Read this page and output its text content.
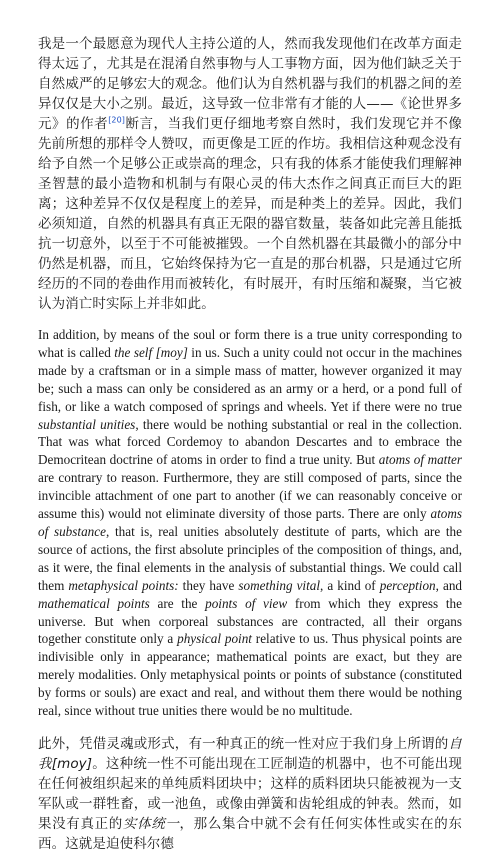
我是一个最愿意为现代人主持公道的人，然而我发现他们在改革方面走得太远了，尤其是在混淆自然事物与人工事物方面，因为他们缺乏关于自然威严的足够宏大的观念。他们认为自然机器与我们的机器之间的差异仅仅是大小之别。最近，这导致一位非常有才能的人——《论世界多元》的作者[20]断言，当我们更仔细地考察自然时，我们发现它并不像先前所想的那样令人赞叹，而更像是工匠的作坊。我相信这种观念没有给予自然一个足够公正或崇高的理念，只有我的体系才能使我们理解神圣智慧的最小造物和机制与有限心灵的伟大杰作之间真正而巨大的距离；这种差异不仅仅是程度上的差异，而是种类上的差异。因此，我们必须知道，自然的机器具有真正无限的器官数量，装备如此完善且能抵抗一切意外，以至于不可能被摧毁。一个自然机器在其最微小的部分中仍然是机器，而且，它始终保持为它一直是的那台机器，只是通过它所经历的不同的卷曲作用而被转化，有时展开，有时压缩和凝聚，当它被认为消亡时实际上并非如此。

In addition, by means of the soul or form there is a true unity corresponding to what is called the self [moy] in us. Such a unity could not occur in the machines made by a craftsman or in a simple mass of matter, however organized it may be; such a mass can only be considered as an army or a herd, or a pond full of fish, or like a watch composed of springs and wheels. Yet if there were no true substantial unities, there would be nothing substantial or real in the collection. That was what forced Cordemoy to abandon Descartes and to embrace the Democritean doctrine of atoms in order to find a true unity. But atoms of matter are contrary to reason. Furthermore, they are still composed of parts, since the invincible attachment of one part to another (if we can reasonably conceive or assume this) would not eliminate diversity of those parts. There are only atoms of substance, that is, real unities absolutely destitute of parts, which are the source of actions, the first absolute principles of the composition of things, and, as it were, the final elements in the analysis of substantial things. We could call them metaphysical points: they have something vital, a kind of perception, and mathematical points are the points of view from which they express the universe. But when corporeal substances are contracted, all their organs together constitute only a physical point relative to us. Thus physical points are indivisible only in appearance; mathematical points are exact, but they are merely modalities. Only metaphysical points or points of substance (constituted by forms or souls) are exact and real, and without them there would be nothing real, since without true unities there would be no multitude.

此外，凭借灵魂或形式，有一种真正的统一性对应于我们身上所谓的自我[moy]。这种统一性不可能出现在工匠制造的机器中，也不可能出现在任何被组织起来的单纯质料团块中；这样的质料团块只能被视为一支军队或一群牲畜，或一池鱼，或像由弹簧和齿轮组成的钟表。然而，如果没有真正的实体统一，那么集合中就不会有任何实体性或实在的东西。这就是迫使科尔德
